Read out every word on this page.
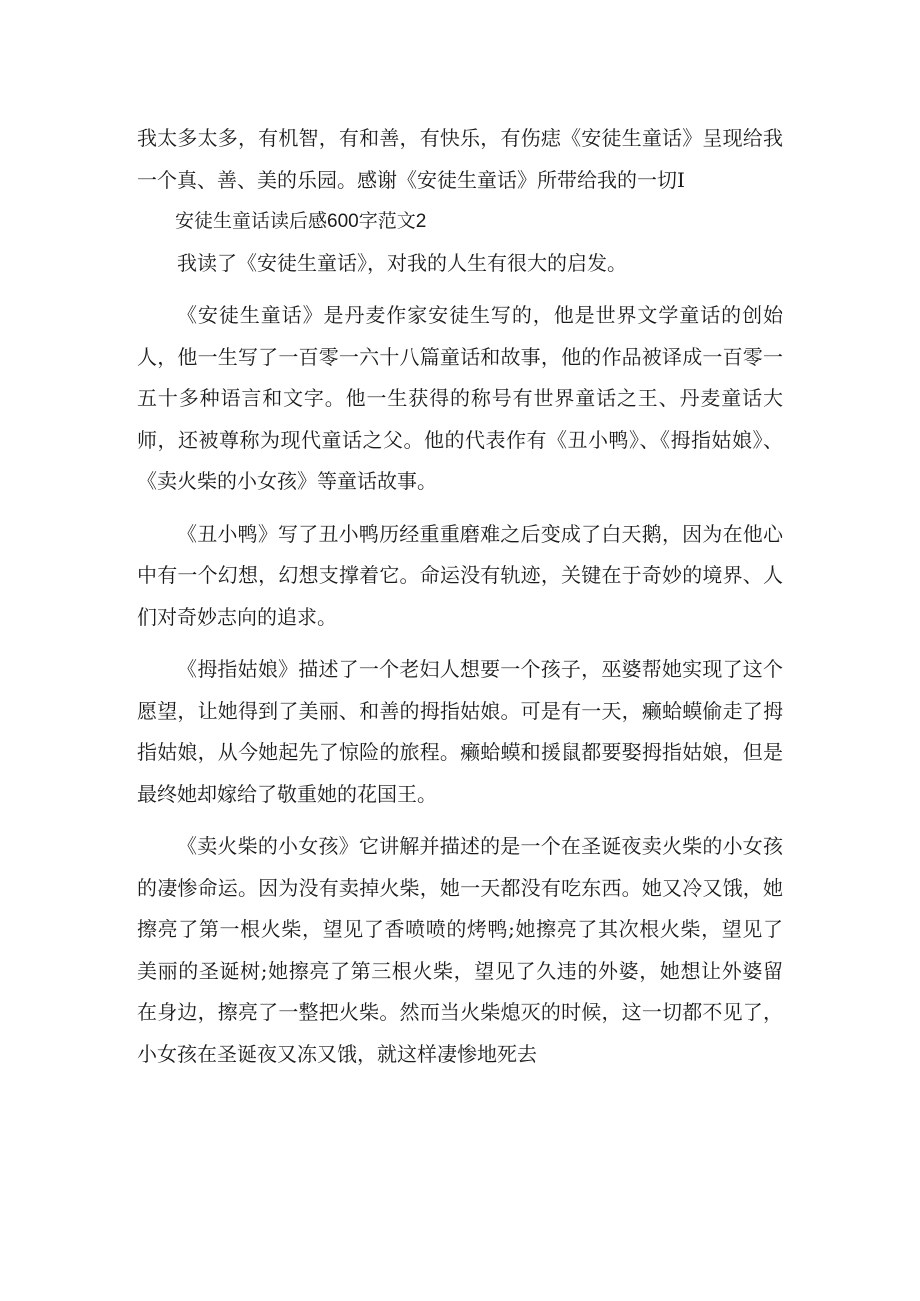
我太多太多，有机智，有和善，有快乐，有伤痣《安徒生童话》呈现给我一个真、善、美的乐园。感谢《安徒生童话》所带给我的一切I

安徒生童话读后感600字范文2

我读了《安徒生童话》，对我的人生有很大的启发。

《安徒生童话》是丹麦作家安徒生写的，他是世界文学童话的创始人，他一生写了一百零一六十八篇童话和故事，他的作品被译成一百零一五十多种语言和文字。他一生获得的称号有世界童话之王、丹麦童话大师，还被尊称为现代童话之父。他的代表作有《丑小鸭》、《拇指姑娘》、《卖火柴的小女孩》等童话故事。

《丑小鸭》写了丑小鸭历经重重磨难之后变成了白天鹅，因为在他心中有一个幻想，幻想支撑着它。命运没有轨迹，关键在于奇妙的境界、人们对奇妙志向的追求。

《拇指姑娘》描述了一个老妇人想要一个孩子，巫婆帮她实现了这个愿望，让她得到了美丽、和善的拇指姑娘。可是有一天，癞蛤蟆偷走了拇指姑娘，从今她起先了惊险的旅程。癞蛤蟆和援鼠都要娶拇指姑娘，但是最终她却嫁给了敬重她的花国王。

《卖火柴的小女孩》它讲解并描述的是一个在圣诞夜卖火柴的小女孩的凄惨命运。因为没有卖掉火柴，她一天都没有吃东西。她又冷又饿，她擦亮了第一根火柴，望见了香喷喷的烤鸭;她擦亮了其次根火柴，望见了美丽的圣诞树;她擦亮了第三根火柴，望见了久违的外婆，她想让外婆留在身边，擦亮了一整把火柴。然而当火柴熄灭的时候，这一切都不见了，小女孩在圣诞夜又冻又饿，就这样凄惨地死去
